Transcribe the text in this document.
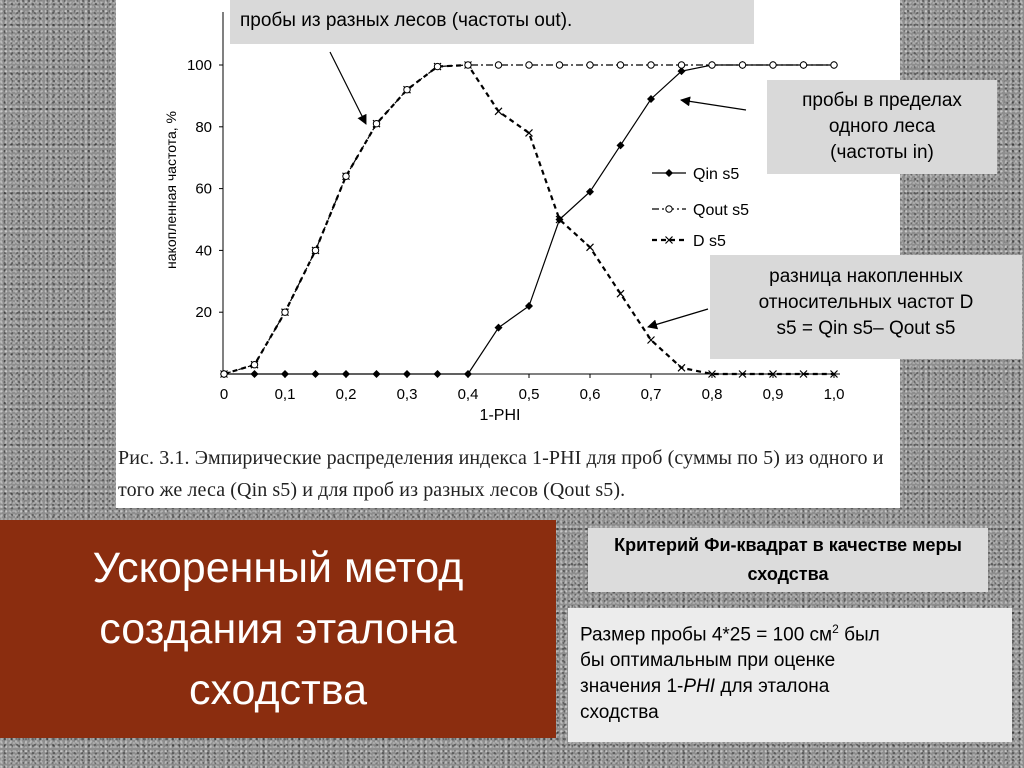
0	0,1	0,2	0,3	0,4	0,5	0,6	0,7	0,8	0,9	1,0
20
40
60
80
100
Qin s5
Qout s5
D s5
накопленная частота, %
1-PHI
пробы из разных лесов (частоты out).
пробы в пределах
одного леса
(частоты in)
разница накопленных
относительных частот D
s5 = Qin s5– Qout s5
Рис. 3.1. Эмпирические распределения индекса 1-PHI для проб (суммы по 5) из одного и того же леса (Qin s5) и для проб из разных лесов (Qout s5).
Ускоренный метод
создания эталона
сходства
Критерий Фи-квадрат в качестве меры сходства
Размер пробы 4*25 = 100 $см^2$ был
бы оптимальным при оценке
значения 1-PHI для эталона
сходства
